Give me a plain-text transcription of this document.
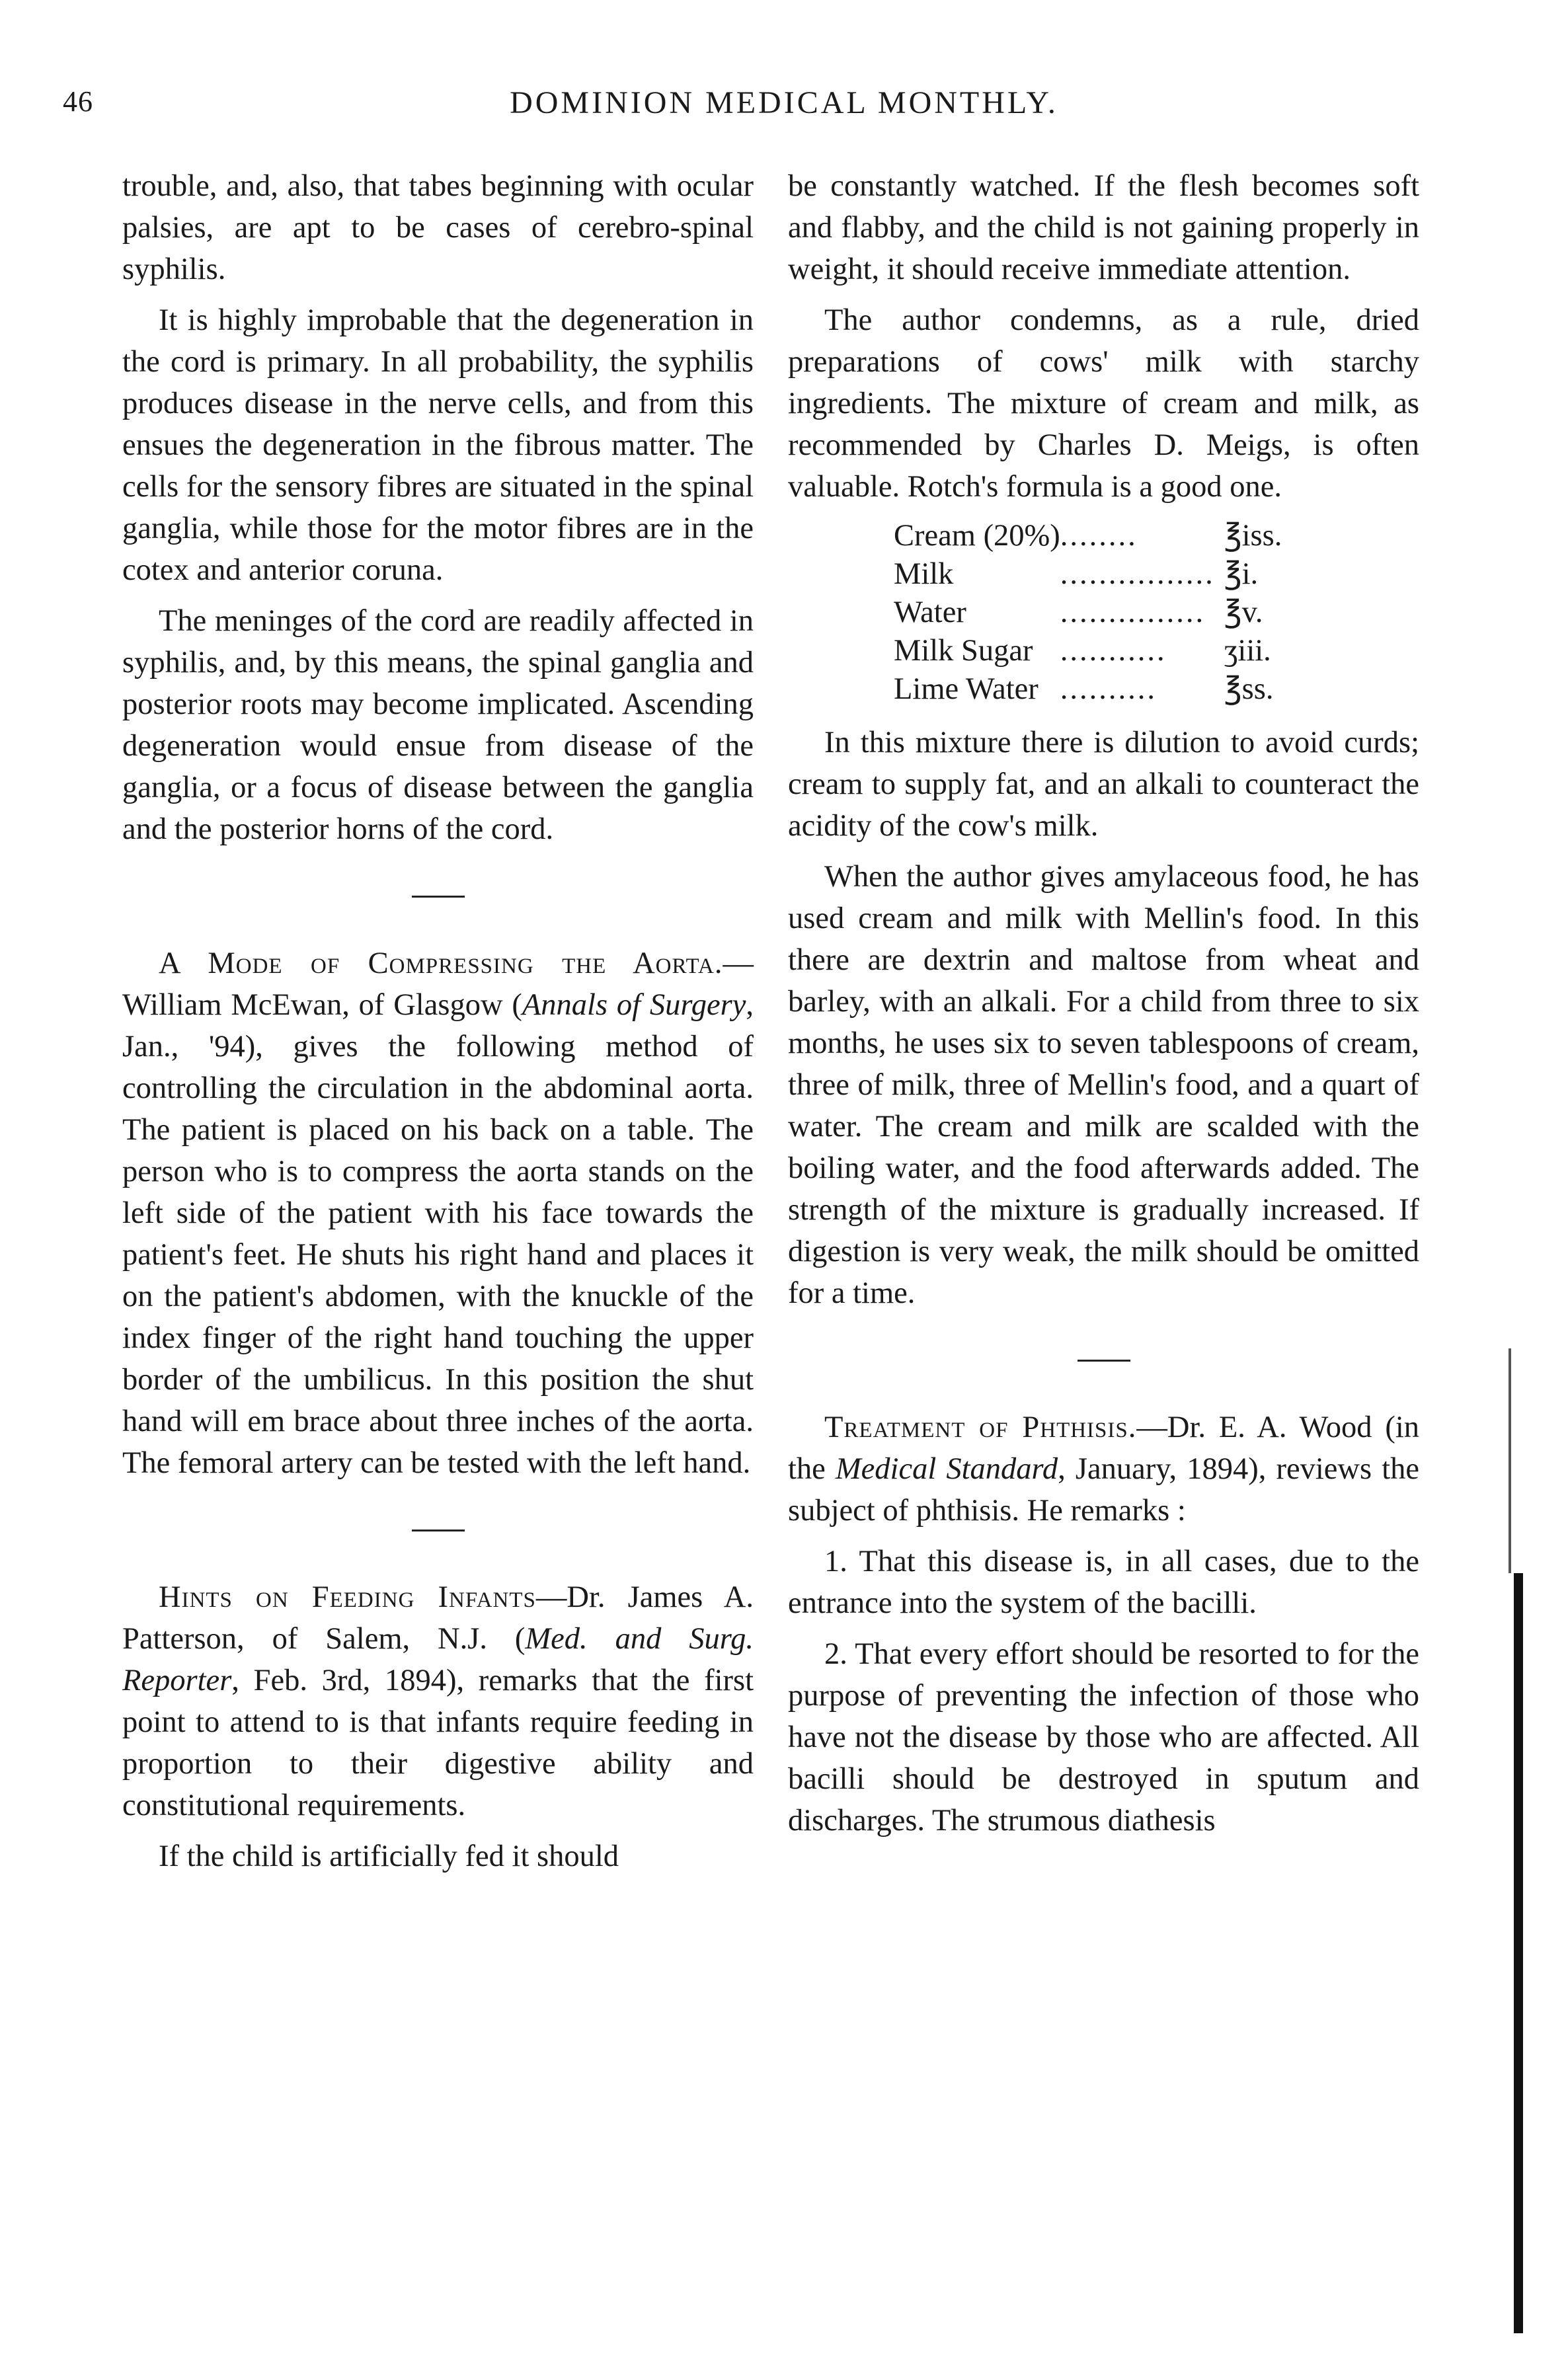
46	DOMINION MEDICAL MONTHLY.

trouble, and, also, that tabes beginning with ocular palsies, are apt to be cases of cerebro-spinal syphilis.

It is highly improbable that the degeneration in the cord is primary. In all probability, the syphilis produces disease in the nerve cells, and from this ensues the degeneration in the fibrous matter. The cells for the sensory fibres are situated in the spinal ganglia, while those for the motor fibres are in the cotex and anterior coruna.

The meninges of the cord are readily affected in syphilis, and, by this means, the spinal ganglia and posterior roots may become implicated. Ascending degeneration would ensue from disease of the ganglia, or a focus of disease between the ganglia and the posterior horns of the cord.

A Mode of Compressing the Aorta.—William McEwan, of Glasgow (Annals of Surgery, Jan., '94), gives the following method of controlling the circulation in the abdominal aorta. The patient is placed on his back on a table. The person who is to compress the aorta stands on the left side of the patient with his face towards the patient's feet. He shuts his right hand and places it on the patient's abdomen, with the knuckle of the index finger of the right hand touching the upper border of the umbilicus. In this position the shut hand will em brace about three inches of the aorta. The femoral artery can be tested with the left hand.

Hints on Feeding Infants—Dr. James A. Patterson, of Salem, N.J. (Med. and Surg. Reporter, Feb. 3rd, 1894), remarks that the first point to attend to is that infants require feeding in proportion to their digestive ability and constitutional requirements.

If the child is artificially fed it should

be constantly watched. If the flesh becomes soft and flabby, and the child is not gaining properly in weight, it should receive immediate attention.

The author condemns, as a rule, dried preparations of cows' milk with starchy ingredients. The mixture of cream and milk, as recommended by Charles D. Meigs, is often valuable. Rotch's formula is a good one.

Cream (20%)	........	℥iss.
Milk	................	℥i.
Water	...............	℥v.
Milk Sugar	...........	ʒiii.
Lime Water	..........	℥ss.

In this mixture there is dilution to avoid curds; cream to supply fat, and an alkali to counteract the acidity of the cow's milk.

When the author gives amylaceous food, he has used cream and milk with Mellin's food. In this there are dextrin and maltose from wheat and barley, with an alkali. For a child from three to six months, he uses six to seven tablespoons of cream, three of milk, three of Mellin's food, and a quart of water. The cream and milk are scalded with the boiling water, and the food afterwards added. The strength of the mixture is gradually increased. If digestion is very weak, the milk should be omitted for a time.

Treatment of Phthisis.—Dr. E. A. Wood (in the Medical Standard, January, 1894), reviews the subject of phthisis. He remarks :

1. That this disease is, in all cases, due to the entrance into the system of the bacilli.

2. That every effort should be resorted to for the purpose of preventing the infection of those who have not the disease by those who are affected. All bacilli should be destroyed in sputum and discharges. The strumous diathesis
